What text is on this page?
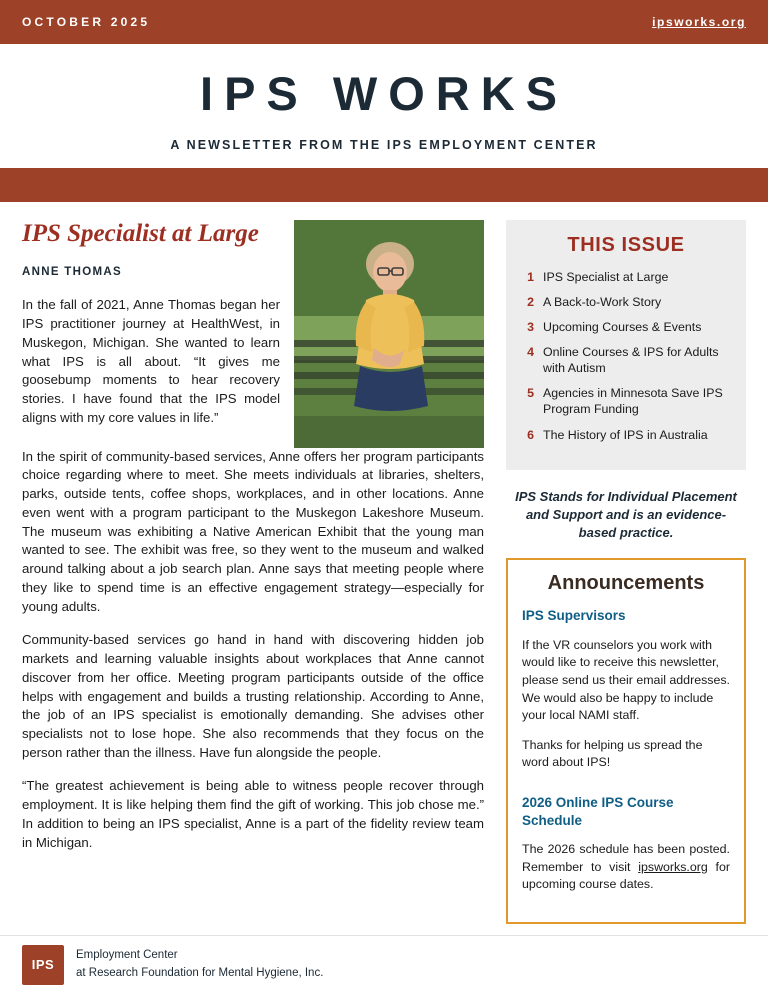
OCTOBER 2025	ipsworks.org
IPS WORKS
A NEWSLETTER FROM THE IPS EMPLOYMENT CENTER
IPS Specialist at Large
ANNE THOMAS

In the fall of 2021, Anne Thomas began her IPS practitioner journey at HealthWest, in Muskegon, Michigan. She wanted to learn what IPS is all about. “It gives me goosebump moments to hear recovery stories. I have found that the IPS model aligns with my core values in life.”

In the spirit of community-based services, Anne offers her program participants choice regarding where to meet. She meets individuals at libraries, shelters, parks, outside tents, coffee shops, workplaces, and in other locations. Anne even went with a program participant to the Muskegon Lakeshore Museum. The museum was exhibiting a Native American Exhibit that the young man wanted to see. The exhibit was free, so they went to the museum and walked around talking about a job search plan. Anne says that meeting people where they like to spend time is an effective engagement strategy—especially for young adults.

Community-based services go hand in hand with discovering hidden job markets and learning valuable insights about workplaces that Anne cannot discover from her office. Meeting program participants outside of the office helps with engagement and builds a trusting relationship. According to Anne, the job of an IPS specialist is emotionally demanding. She advises other specialists not to lose hope. She also recommends that they focus on the person rather than the illness. Have fun alongside the people.

“The greatest achievement is being able to witness people recover through employment. It is like helping them find the gift of working. This job chose me.” In addition to being an IPS specialist, Anne is a part of the fidelity review team in Michigan.

THIS ISSUE
1 IPS Specialist at Large
2 A Back-to-Work Story
3 Upcoming Courses & Events
4 Online Courses & IPS for Adults with Autism
5 Agencies in Minnesota Save IPS Program Funding
6 The History of IPS in Australia
IPS Stands for Individual Placement and Support and is an evidence-based practice.
Announcements

IPS Supervisors

If the VR counselors you work with would like to receive this newsletter, please send us their email addresses. We would also be happy to include your local NAMI staff.

Thanks for helping us spread the word about IPS!

2026 Online IPS Course Schedule

The 2026 schedule has been posted. Remember to visit ipsworks.org for upcoming course dates.

IPS
Employment Center
at Research Foundation for Mental Hygiene, Inc.
